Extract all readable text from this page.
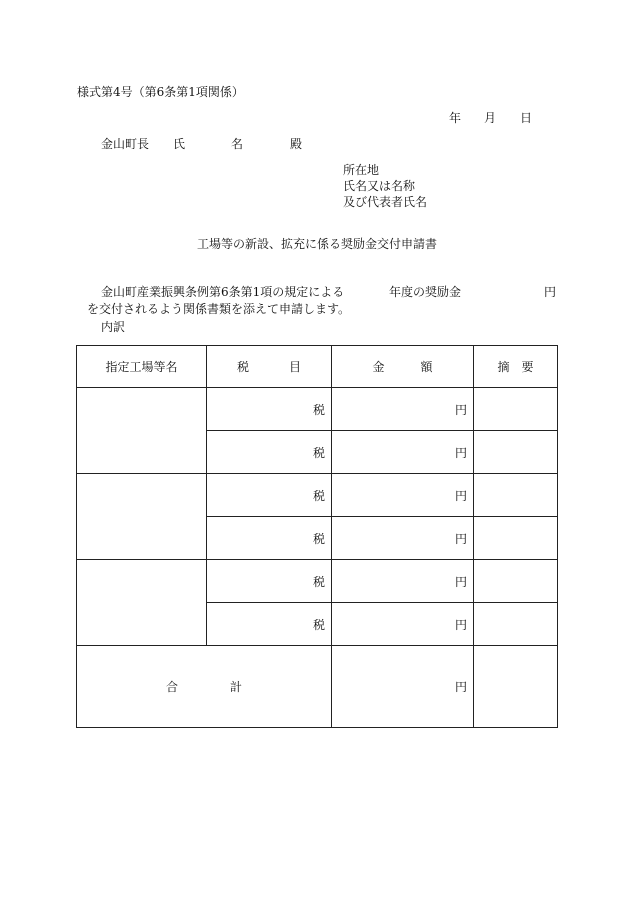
様式第4号（第6条第1項関係）
年 月 日
金山町長 氏	名	殿
所在地
氏名又は名称
及び代表者氏名
工場等の新設、拡充に係る奨励金交付申請書
金山町産業振興条例第6条第1項の規定による	年度の奨励金	円
を交付されるよう関係書類を添えて申請します。
内訳
指定工場等名	税 目	金 額	摘 要
	税	円	
	税	円	
	税	円	
	税	円	
	税	円	
	税	円	
合 計		円	
